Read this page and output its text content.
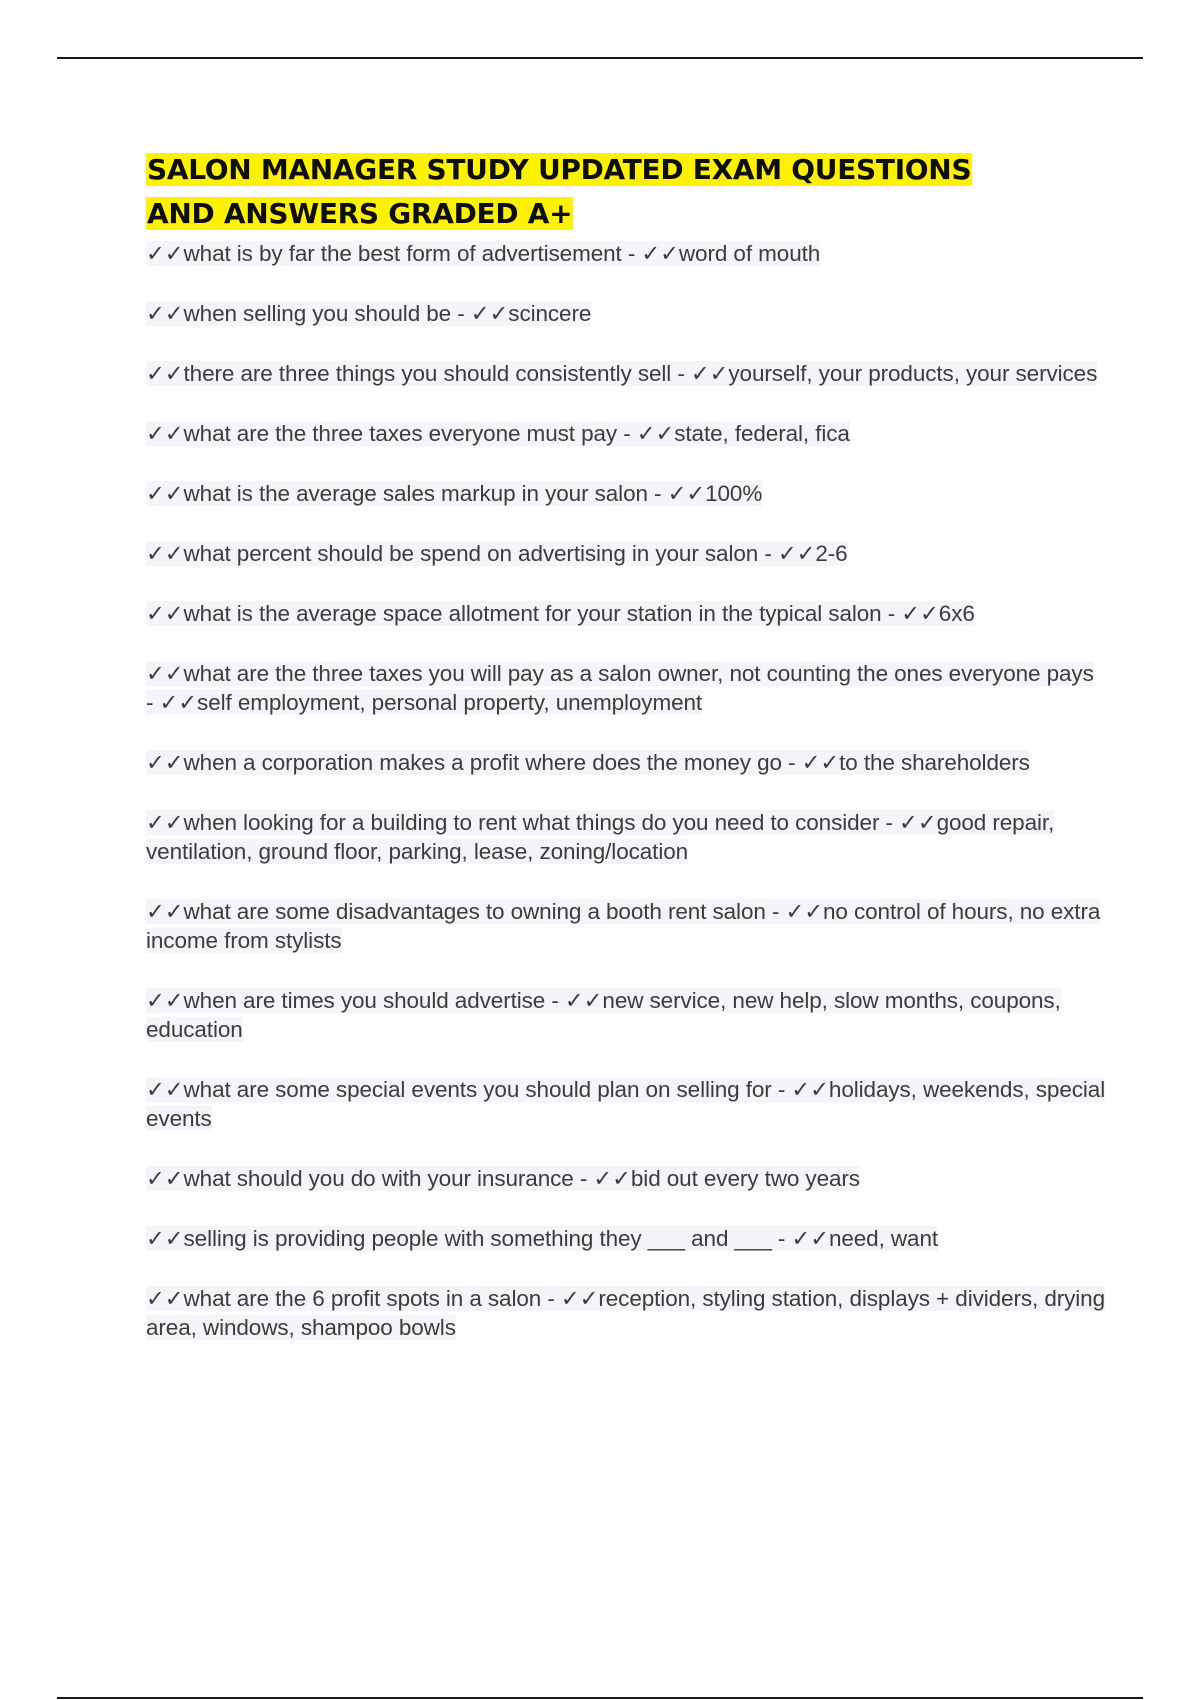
SALON MANAGER STUDY UPDATED EXAM QUESTIONS
AND ANSWERS GRADED A+
✓✓what is by far the best form of advertisement - ✓✓word of mouth
✓✓when selling you should be - ✓✓scincere
✓✓there are three things you should consistently sell - ✓✓yourself, your products, your services
✓✓what are the three taxes everyone must pay - ✓✓state, federal, fica
✓✓what is the average sales markup in your salon - ✓✓100%
✓✓what percent should be spend on advertising in your salon - ✓✓2-6
✓✓what is the average space allotment for your station in the typical salon - ✓✓6x6
✓✓what are the three taxes you will pay as a salon owner, not counting the ones everyone pays - ✓✓self employment, personal property, unemployment
✓✓when a corporation makes a profit where does the money go - ✓✓to the shareholders
✓✓when looking for a building to rent what things do you need to consider - ✓✓good repair, ventilation, ground floor, parking, lease, zoning/location
✓✓what are some disadvantages to owning a booth rent salon - ✓✓no control of hours, no extra income from stylists
✓✓when are times you should advertise - ✓✓new service, new help, slow months, coupons, education
✓✓what are some special events you should plan on selling for - ✓✓holidays, weekends, special events
✓✓what should you do with your insurance - ✓✓bid out every two years
✓✓selling is providing people with something they ___ and ___ - ✓✓need, want
✓✓what are the 6 profit spots in a salon - ✓✓reception, styling station, displays + dividers, drying area, windows, shampoo bowls
